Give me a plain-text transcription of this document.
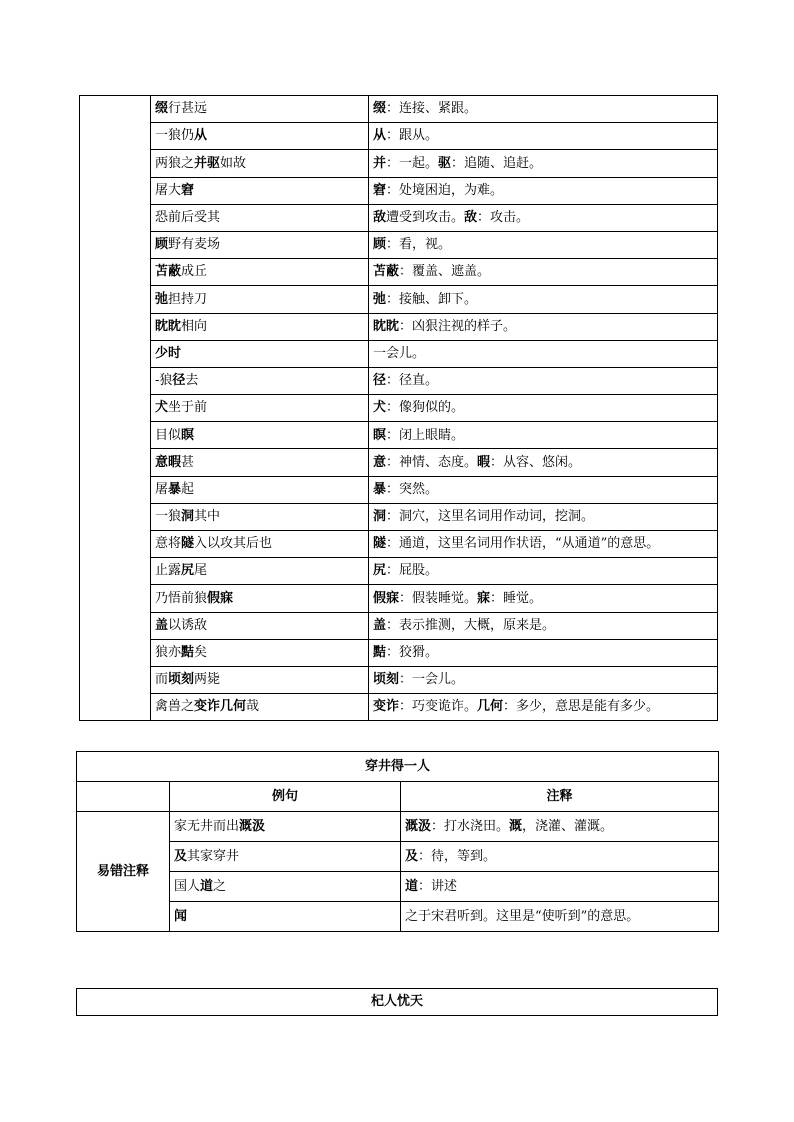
	缀行甚远	缀：连接、紧跟。
	一狼仍从	从：跟从。
	两狼之并驱如故	并：一起。驱：追随、追赶。
	屠大窘	窘：处境困迫，为难。
	恐前后受其	敌遭受到攻击。敌：攻击。
	顾野有麦场	顾：看，视。
	苫蔽成丘	苫蔽：覆盖、遮盖。
	弛担持刀	弛：接触、卸下。
	眈眈相向	眈眈：凶狠注视的样子。
	少时	一会儿。
	-狼径去	径：径直。
	犬坐于前	犬：像狗似的。
	目似瞑	瞑：闭上眼睛。
	意暇甚	意：神情、态度。暇：从容、悠闲。
	屠暴起	暴：突然。
	一狼洞其中	洞：洞穴，这里名词用作动词，挖洞。
	意将隧入以攻其后也	隧：通道，这里名词用作状语，“从通道”的意思。
	止露尻尾	尻：屁股。
	乃悟前狼假寐	假寐：假装睡觉。寐：睡觉。
	盖以诱敌	盖：表示推测，大概，原来是。
	狼亦黠矣	黠：狡猾。
	而顷刻两毙	顷刻：一会儿。
	禽兽之变诈几何哉	变诈：巧变诡诈。几何：多少，意思是能有多少。
穿井得一人		
	例句	注释
易错注释	家无井而出溉汲	溉汲：打水浇田。溉，浇灌、灌溉。
	及其家穿井	及：待，等到。
	国人道之	道：讲述
	闻	之于宋君听到。这里是“使听到”的意思。
杞人忧天
